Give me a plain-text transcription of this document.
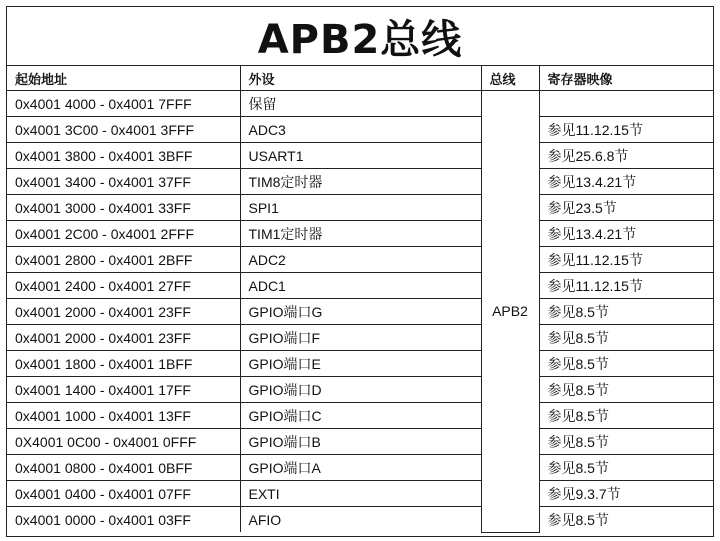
APB2总线
起始地址	外设	总线	寄存器映像
0x4001 4000 - 0x4001 7FFF	保留	APB2	
0x4001 3C00 - 0x4001 3FFF	ADC3		参见11.12.15节
0x4001 3800 - 0x4001 3BFF	USART1		参见25.6.8节
0x4001 3400 - 0x4001 37FF	TIM8定时器		参见13.4.21节
0x4001 3000 - 0x4001 33FF	SPI1		参见23.5节
0x4001 2C00 - 0x4001 2FFF	TIM1定时器		参见13.4.21节
0x4001 2800 - 0x4001 2BFF	ADC2		参见11.12.15节
0x4001 2400 - 0x4001 27FF	ADC1		参见11.12.15节
0x4001 2000 - 0x4001 23FF	GPIO端口G		参见8.5节
0x4001 2000 - 0x4001 23FF	GPIO端口F		参见8.5节
0x4001 1800 - 0x4001 1BFF	GPIO端口E		参见8.5节
0x4001 1400 - 0x4001 17FF	GPIO端口D		参见8.5节
0x4001 1000 - 0x4001 13FF	GPIO端口C		参见8.5节
0X4001 0C00 - 0x4001 0FFF	GPIO端口B		参见8.5节
0x4001 0800 - 0x4001 0BFF	GPIO端口A		参见8.5节
0x4001 0400 - 0x4001 07FF	EXTI		参见9.3.7节
0x4001 0000 - 0x4001 03FF	AFIO		参见8.5节
